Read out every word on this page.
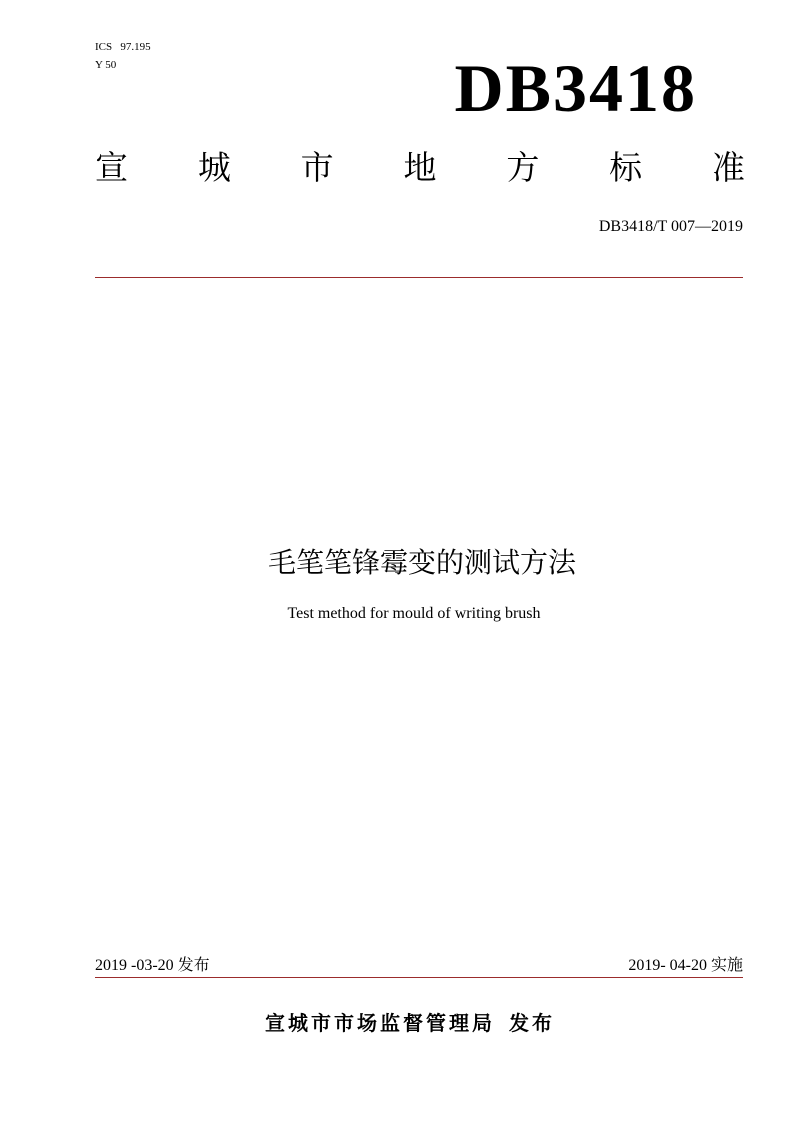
ICS   97.195
Y 50	DB3418
宣 城 市 地 方 标 准
DB3418/T 007—2019
毛笔笔锋霉变的测试方法
Test method for mould of writing brush
2019 -03-20 发布	2019- 04-20 实施
宣城市市场监督管理局 发布
